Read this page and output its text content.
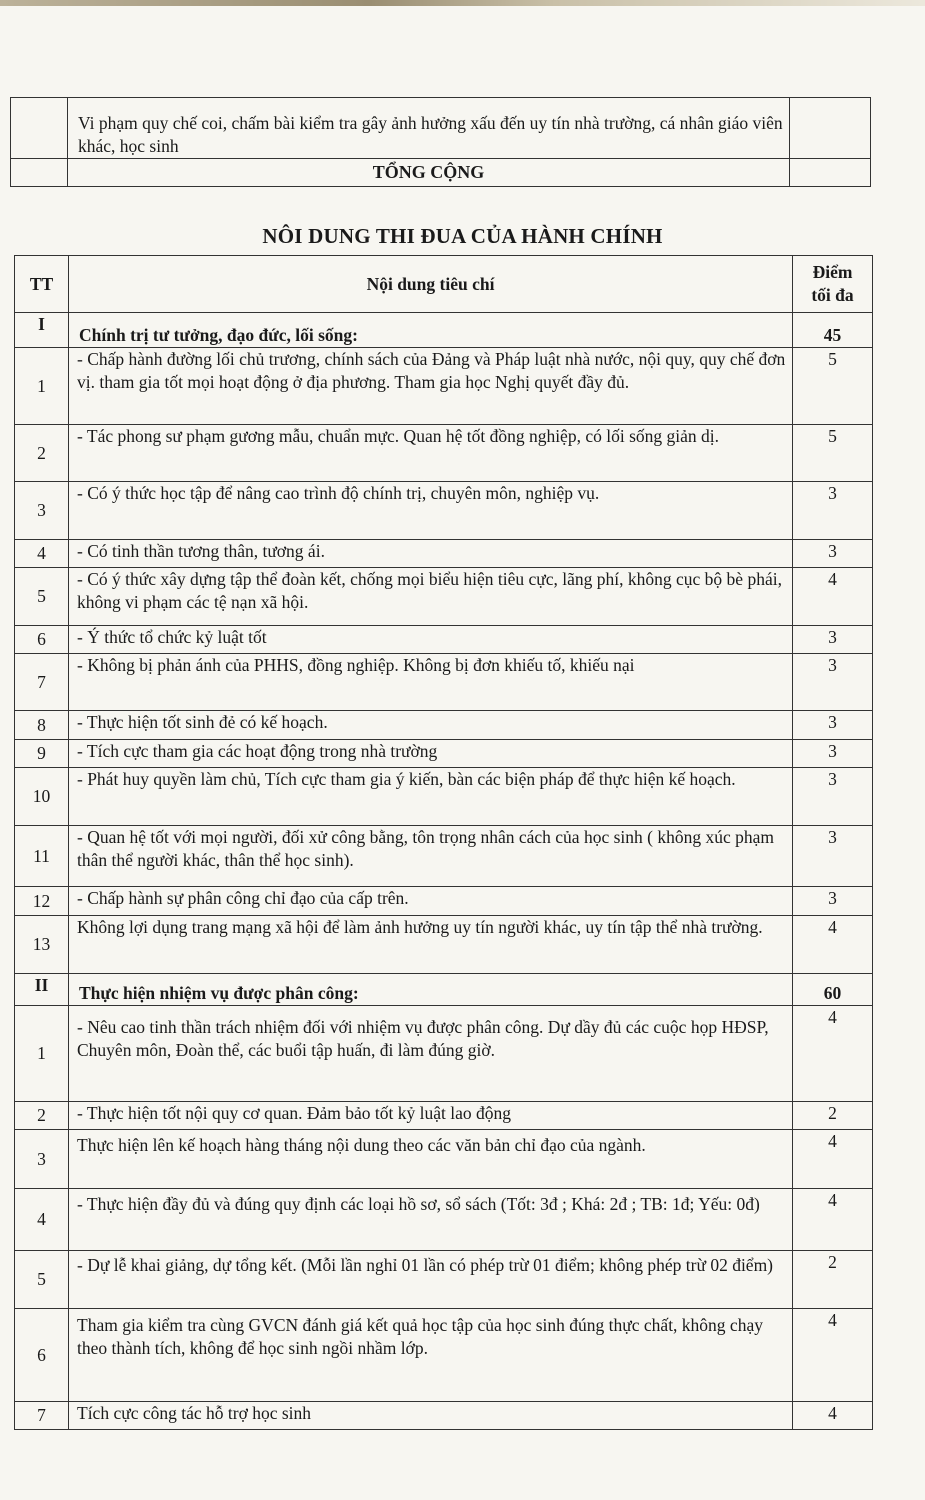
	Vi phạm quy chế coi, chấm bài kiểm tra gây ảnh hưởng xấu đến uy tín nhà trường, cá nhân giáo viên khác, học sinh	
	TỔNG CỘNG	
NÔI DUNG THI ĐUA CỦA HÀNH CHÍNH
TT	Nội dung tiêu chí	Điểm
tối đa

I	Chính trị tư tưởng, đạo đức, lối sống:	45
1	- Chấp hành đường lối chủ trương, chính sách của Đảng và Pháp luật nhà nước, nội quy, quy chế đơn vị. tham gia tốt mọi hoạt động ở địa phương. Tham gia học Nghị quyết đầy đủ.	5
2	- Tác phong sư phạm gương mẫu, chuẩn mực. Quan hệ tốt đồng nghiệp, có lối sống giản dị.	5
3	- Có ý thức học tập để nâng cao trình độ chính trị, chuyên môn, nghiệp vụ.	3
4	- Có tinh thần tương thân, tương ái.	3
5	- Có ý thức xây dựng tập thể đoàn kết, chống mọi biểu hiện tiêu cực, lãng phí, không cục bộ bè phái, không vi phạm các tệ nạn xã hội.	4
6	- Ý thức tổ chức kỷ luật tốt	3
7	- Không bị phản ánh của PHHS, đồng nghiệp. Không bị đơn khiếu tố, khiếu nại	3
8	- Thực hiện tốt sinh đẻ có kế hoạch.	3
9	- Tích cực tham gia các hoạt động trong nhà trường	3
10	- Phát huy quyền làm chủ, Tích cực tham gia ý kiến, bàn các biện pháp để thực hiện kế hoạch.	3
11	- Quan hệ tốt với mọi người, đối xử công bằng, tôn trọng nhân cách của học sinh ( không xúc phạm thân thể người khác, thân thể học sinh).	3
12	- Chấp hành sự phân công chỉ đạo của cấp trên.	3
13	Không lợi dụng trang mạng xã hội để làm ảnh hưởng uy tín người khác, uy tín tập thể nhà trường.	4
II	Thực hiện nhiệm vụ được phân công:	60
1	- Nêu cao tinh thần trách nhiệm đối với nhiệm vụ được phân công. Dự dầy đủ các cuộc họp HĐSP, Chuyên môn, Đoàn thể, các buổi tập huấn, đi làm đúng giờ.	4
2	- Thực hiện tốt nội quy cơ quan. Đảm bảo tốt kỷ luật lao động	2
3	Thực hiện lên kế hoạch hàng tháng nội dung theo các văn bản chỉ đạo của ngành.	4
4	- Thực hiện đầy đủ và đúng quy định các loại hồ sơ, sổ sách (Tốt: 3đ ; Khá: 2đ ; TB: 1đ; Yếu: 0đ)	4
5	- Dự lễ khai giảng, dự tổng kết. (Mỗi lần nghỉ 01 lần có phép trừ 01 điểm; không phép trừ 02 điểm)	2
6	Tham gia kiểm tra cùng GVCN đánh giá kết quả học tập của học sinh đúng thực chất, không chạy theo thành tích, không để học sinh ngồi nhầm lớp.	4
7	Tích cực công tác hỗ trợ học sinh	4
